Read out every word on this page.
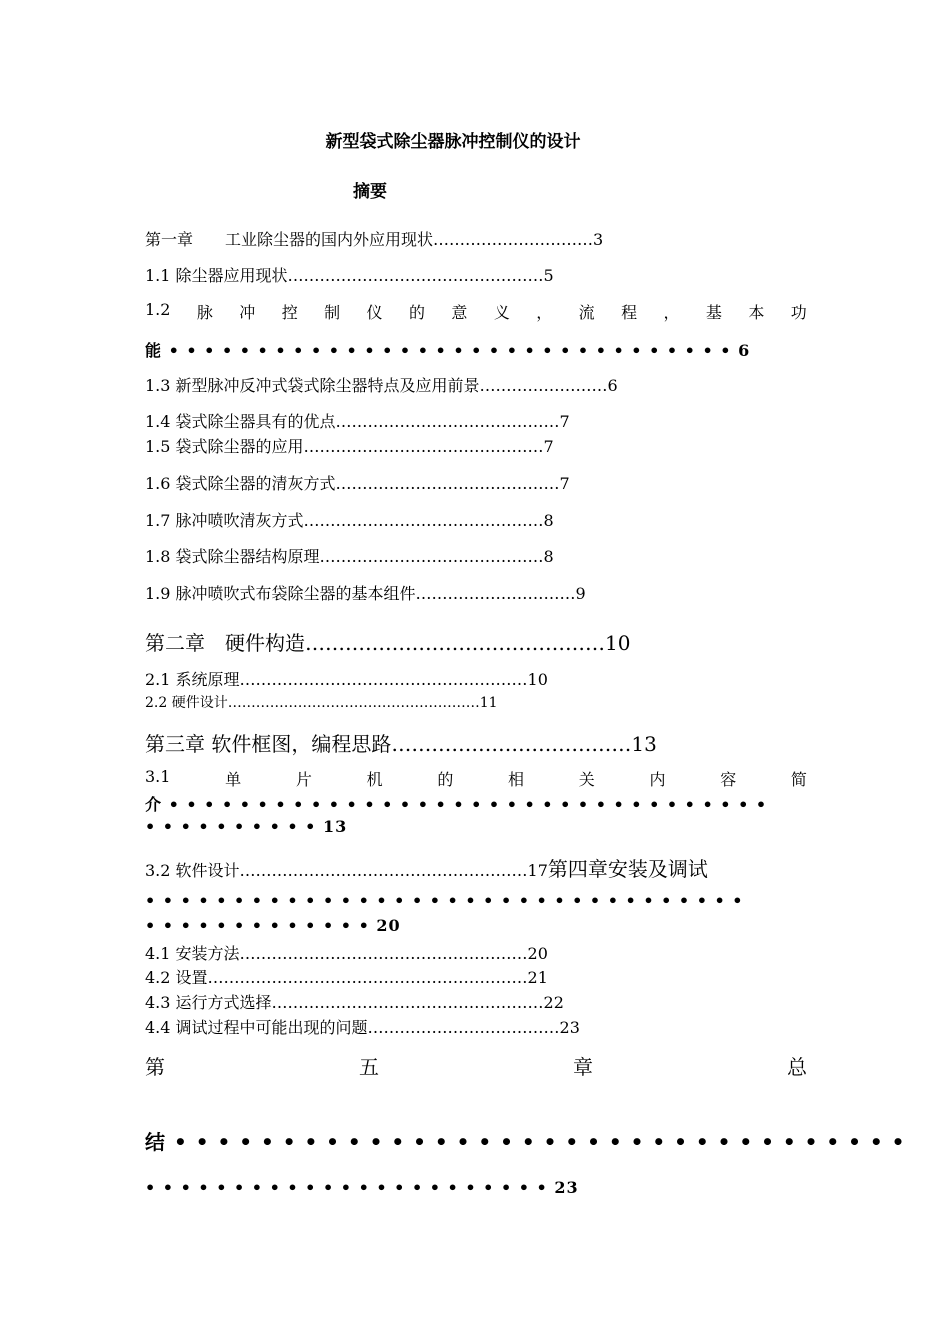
新型袋式除尘器脉冲控制仪的设计
摘要
第一章　　工业除尘器的国内外应用现状…………………………3
1.1 除尘器应用现状…………………………………………5
1.2 脉 冲 控 制 仪 的 意 义 ， 流 程 ， 基 本 功
能 • • • • • • • • • • • • • • • • • • • • • • • • • • • • • • • • 6
1.3 新型脉冲反冲式袋式除尘器特点及应用前景……………………6
1.4 袋式除尘器具有的优点……………………………………7
1.5 袋式除尘器的应用………………………………………7
1.6 袋式除尘器的清灰方式……………………………………7
1.7 脉冲喷吹清灰方式………………………………………8
1.8 袋式除尘器结构原理……………………………………8
1.9 脉冲喷吹式布袋除尘器的基本组件…………………………9
第二章　硬件构造………………………………………10
2.1 系统原理………………………………………………10
2.2 硬件设计………………………………………………11
第三章 软件框图，编程思路………………………………13
3.1	单	片	机	的	相	关	内	容	简
介 • • • • • • • • • • • • • • • • • • • • • • • • • • • • • • • • • •
• • • • • • • • • • 13
3.2 软件设计………………………………………………17第四章安装及调试
• • • • • • • • • • • • • • • • • • • • • • • • • • • • • • • • • •
• • • • • • • • • • • • • 20
4.1 安装方法………………………………………………20
4.2 设置……………………………………………………21
4.3 运行方式选择……………………………………………22
4.4 调试过程中可能出现的问题………………………………23
第	五	章	总
结 • • • • • • • • • • • • • • • • • • • • • • • • • • • • • • • • • •
• • • • • • • • • • • • • • • • • • • • • • • 23
